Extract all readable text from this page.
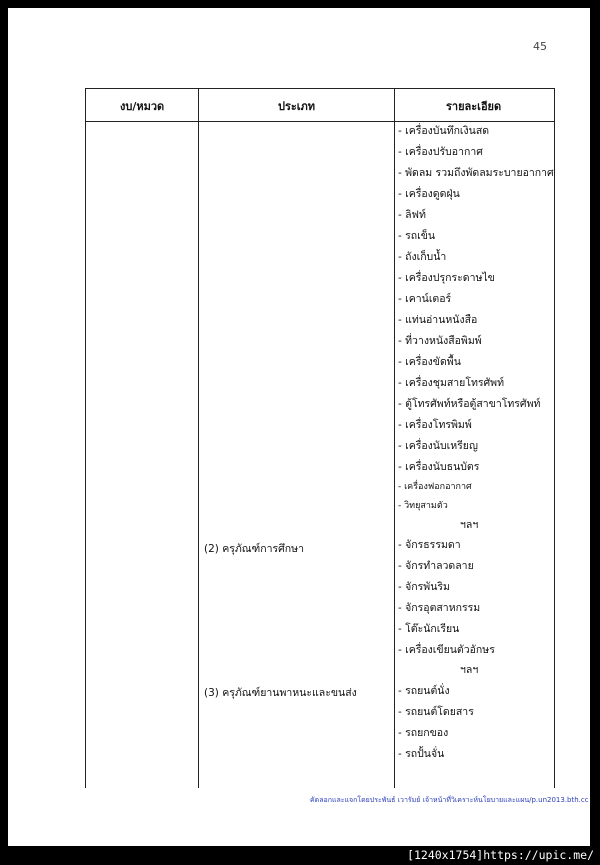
45
งบ/หมวด	ประเภท	รายละเอียด
(2) ครุภัณฑ์การศึกษา
(3) ครุภัณฑ์ยานพาหนะและขนส่ง
- เครื่องบันทึกเงินสด
- เครื่องปรับอากาศ
- พัดลม รวมถึงพัดลมระบายอากาศ
- เครื่องดูดฝุ่น
- ลิฟท์
- รถเข็น
- ถังเก็บน้ำ
- เครื่องปรุกระดาษไข
- เคาน์เตอร์
- แท่นอ่านหนังสือ
- ที่วางหนังสือพิมพ์
- เครื่องขัดพื้น
- เครื่องชุมสายโทรศัพท์
- ตู้โทรศัพท์หรือตู้สาขาโทรศัพท์
- เครื่องโทรพิมพ์
- เครื่องนับเหรียญ
- เครื่องนับธนบัตร
- เครื่องฟอกอากาศ
- วิทยุสามตัว
ฯลฯ
- จักรธรรมดา
- จักรทำลวดลาย
- จักรพันริม
- จักรอุตสาหกรรม
- โต๊ะนักเรียน
- เครื่องเขียนตัวอักษร
ฯลฯ
- รถยนต์นั่ง
- รถยนต์โดยสาร
- รถยกของ
- รถปั้นจั่น
คัดลอกและแจกโดยประพันธ์ เวารัมย์ เจ้าหน้าที่วิเคราะห์นโยบายและแผน/p.un2013.bth.cc
[1240x1754]https://upic.me/
